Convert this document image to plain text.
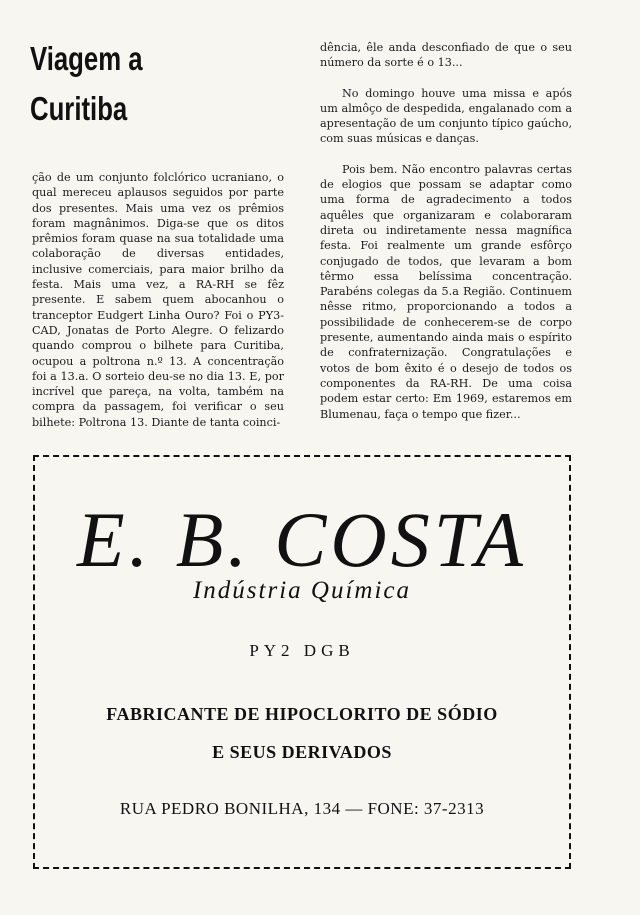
Viagem a
Curitiba

ção de um conjunto folclórico ucraniano, o qual mereceu aplausos seguidos por parte dos presentes. Mais uma vez os prêmios foram magnânimos. Diga-se que os ditos prêmios foram quase na sua totalidade uma colaboração de diversas entidades, inclusive comerciais, para maior brilho da festa. Mais uma vez, a RA-RH se fêz presente. E sabem quem abocanhou o tranceptor Eudgert Linha Ouro? Foi o PY3-CAD, Jonatas de Porto Alegre. O felizardo quando comprou o bilhete para Curitiba, ocupou a poltrona n.º 13. A concentração foi a 13.a. O sorteio deu-se no dia 13. E, por incrível que pareça, na volta, também na compra da passagem, foi verificar o seu bilhete: Poltrona 13. Diante de tanta coinci-

dência, êle anda desconfiado de que o seu número da sorte é o 13...

No domingo houve uma missa e após um almôço de despedida, engalanado com a apresentação de um conjunto típico gaúcho, com suas músicas e danças.

Pois bem. Não encontro palavras certas de elogios que possam se adaptar como uma forma de agradecimento a todos aquêles que organizaram e colaboraram direta ou indiretamente nessa magnífica festa. Foi realmente um grande esfôrço conjugado de todos, que levaram a bom têrmo essa belíssima concentração. Parabéns colegas da 5.a Região. Continuem nêsse ritmo, proporcionando a todos a possibilidade de conhecerem-se de corpo presente, aumentando ainda mais o espírito de confraternização. Congratulações e votos de bom êxito é o desejo de todos os componentes da RA-RH. De uma coisa podem estar certo: Em 1969, estaremos em Blumenau, faça o tempo que fizer...

E. B. COSTA
Indústria Química
PY2 DGB
FABRICANTE DE HIPOCLORITO DE SÓDIO
E SEUS DERIVADOS
RUA PEDRO BONILHA, 134 — FONE: 37-2313
